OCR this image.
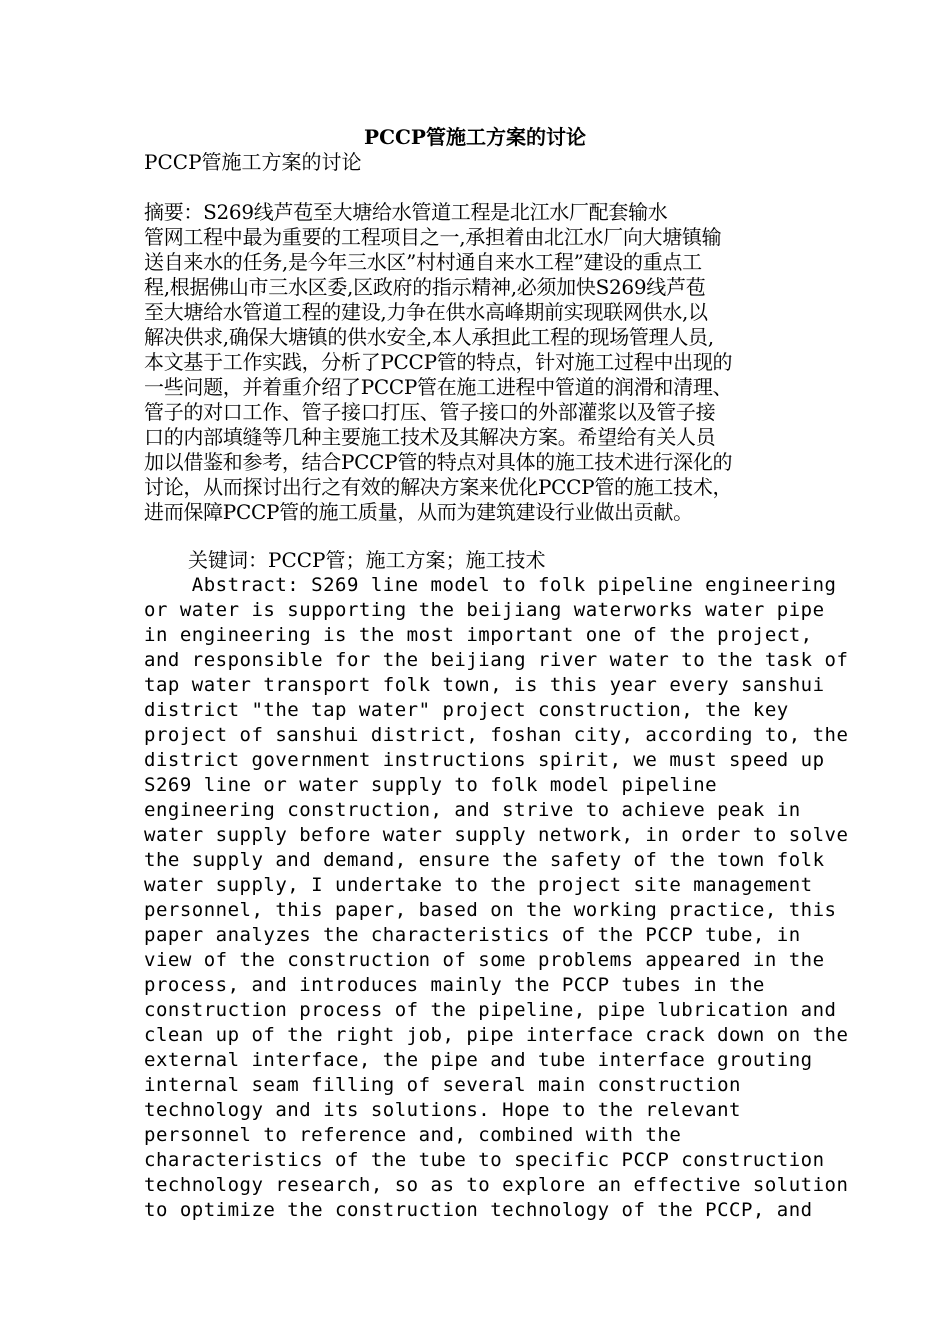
PCCP管施工方案的讨论
PCCP管施工方案的讨论
摘要：S269线芦苞至大塘给水管道工程是北江水厂配套输水
管网工程中最为重要的工程项目之一,承担着由北江水厂向大塘镇输
送自来水的任务,是今年三水区”村村通自来水工程”建设的重点工
程,根据佛山市三水区委,区政府的指示精神,必须加快S269线芦苞
至大塘给水管道工程的建设,力争在供水高峰期前实现联网供水,以
解决供求,确保大塘镇的供水安全,本人承担此工程的现场管理人员,
本文基于工作实践，分析了PCCP管的特点，针对施工过程中出现的
一些问题，并着重介绍了PCCP管在施工进程中管道的润滑和清理、
管子的对口工作、管子接口打压、管子接口的外部灌浆以及管子接
口的内部填缝等几种主要施工技术及其解决方案。希望给有关人员
加以借鉴和参考，结合PCCP管的特点对具体的施工技术进行深化的
讨论，从而探讨出行之有效的解决方案来优化PCCP管的施工技术，
进而保障PCCP管的施工质量，从而为建筑建设行业做出贡献。
关键词：PCCP管；施工方案；施工技术
Abstract: S269 line model to folk pipeline engineering
or water is supporting the beijiang waterworks water pipe
in engineering is the most important one of the project,
and responsible for the beijiang river water to the task of
tap water transport folk town, is this year every sanshui
district "the tap water" project construction, the key
project of sanshui district, foshan city, according to, the
district government instructions spirit, we must speed up
S269 line or water supply to folk model pipeline
engineering construction, and strive to achieve peak in
water supply before water supply network, in order to solve
the supply and demand, ensure the safety of the town folk
water supply, I undertake to the project site management
personnel, this paper, based on the working practice, this
paper analyzes the characteristics of the PCCP tube, in
view of the construction of some problems appeared in the
process, and introduces mainly the PCCP tubes in the
construction process of the pipeline, pipe lubrication and
clean up of the right job, pipe interface crack down on the
external interface, the pipe and tube interface grouting
internal seam filling of several main construction
technology and its solutions. Hope to the relevant
personnel to reference and, combined with the
characteristics of the tube to specific PCCP construction
technology research, so as to explore an effective solution
to optimize the construction technology of the PCCP, and
